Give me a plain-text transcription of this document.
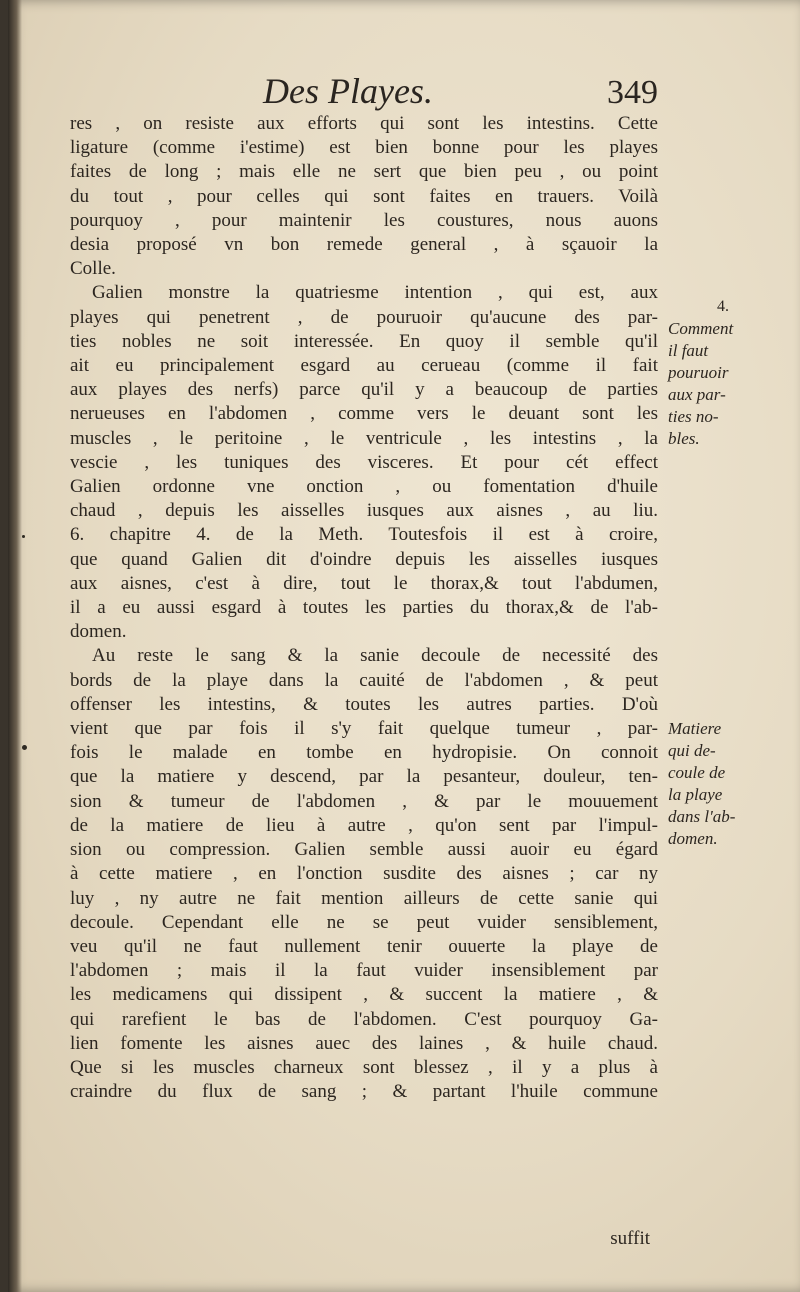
Des Playes.	349

res , on resiste aux efforts qui sont les intestins. Cette
ligature (comme i'estime) est bien bonne pour les playes
faites de long ; mais elle ne sert que bien peu , ou point
du tout , pour celles qui sont faites en trauers. Voilà
pourquoy , pour maintenir les coustures, nous auons
desia proposé vn bon remede general , à sçauoir la
Colle.

Galien monstre la quatriesme intention , qui est, aux
playes qui penetrent , de pouruoir qu'aucune des par-
ties nobles ne soit interessée. En quoy il semble qu'il
ait eu principalement esgard au cerueau (comme il fait
aux playes des nerfs) parce qu'il y a beaucoup de parties
nerueuses en l'abdomen , comme vers le deuant sont les
muscles , le peritoine , le ventricule , les intestins , la
vescie , les tuniques des visceres. Et pour cét effect
Galien ordonne vne onction , ou fomentation d'huile
chaud , depuis les aisselles iusques aux aisnes , au liu.
6. chapitre 4. de la Meth. Toutesfois il est à croire,
que quand Galien dit d'oindre depuis les aisselles iusques
aux aisnes, c'est à dire, tout le thorax,& tout l'abdumen,
il a eu aussi esgard à toutes les parties du thorax,& de l'ab-
domen.

Au reste le sang & la sanie decoule de necessité des
bords de la playe dans la cauité de l'abdomen , & peut
offenser les intestins, & toutes les autres parties. D'où
vient que par fois il s'y fait quelque tumeur , par-
fois le malade en tombe en hydropisie. On connoit
que la matiere y descend, par la pesanteur, douleur, ten-
sion & tumeur de l'abdomen , & par le mouuement
de la matiere de lieu à autre , qu'on sent par l'impul-
sion ou compression. Galien semble aussi auoir eu égard
à cette matiere , en l'onction susdite des aisnes ; car ny
luy , ny autre ne fait mention ailleurs de cette sanie qui
decoule. Cependant elle ne se peut vuider sensiblement,
veu qu'il ne faut nullement tenir ouuerte la playe de
l'abdomen ; mais il la faut vuider insensiblement par
les medicamens qui dissipent , & succent la matiere , &
qui rarefient le bas de l'abdomen. C'est pourquoy Ga-
lien fomente les aisnes auec des laines , & huile chaud.
Que si les muscles charneux sont blessez , il y a plus à
craindre du flux de sang ; & partant l'huile commune

suffit
4.
Comment
il faut
pouruoir
aux par-
ties no-
bles.
Matiere
qui de-
coule de
la playe
dans l'ab-
domen.
